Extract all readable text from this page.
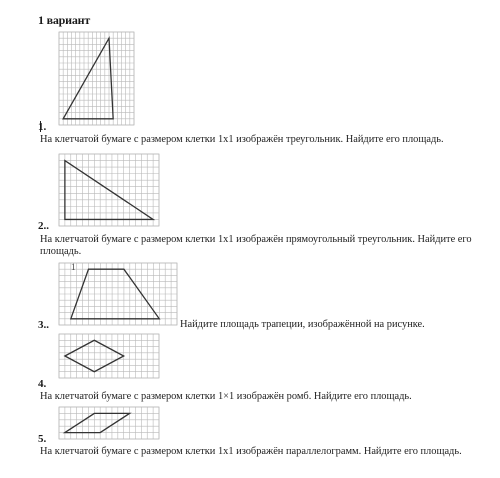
1 вариант
1.
На клетчатой бумаге с размером клетки 1х1 изображён треугольник. Найдите его площадь.
2..
На клетчатой бумаге с размером клетки 1х1 изображён прямоугольный треугольник. Найдите его площадь.
1
3..	Найдите площадь трапеции, изображённой на рисунке.
4.
На клетчатой бумаге с размером клетки 1×1 изображён ромб. Найдите его площадь.
5.
На клетчатой бумаге с размером клетки 1х1 изображён параллелограмм. Найдите его площадь.
